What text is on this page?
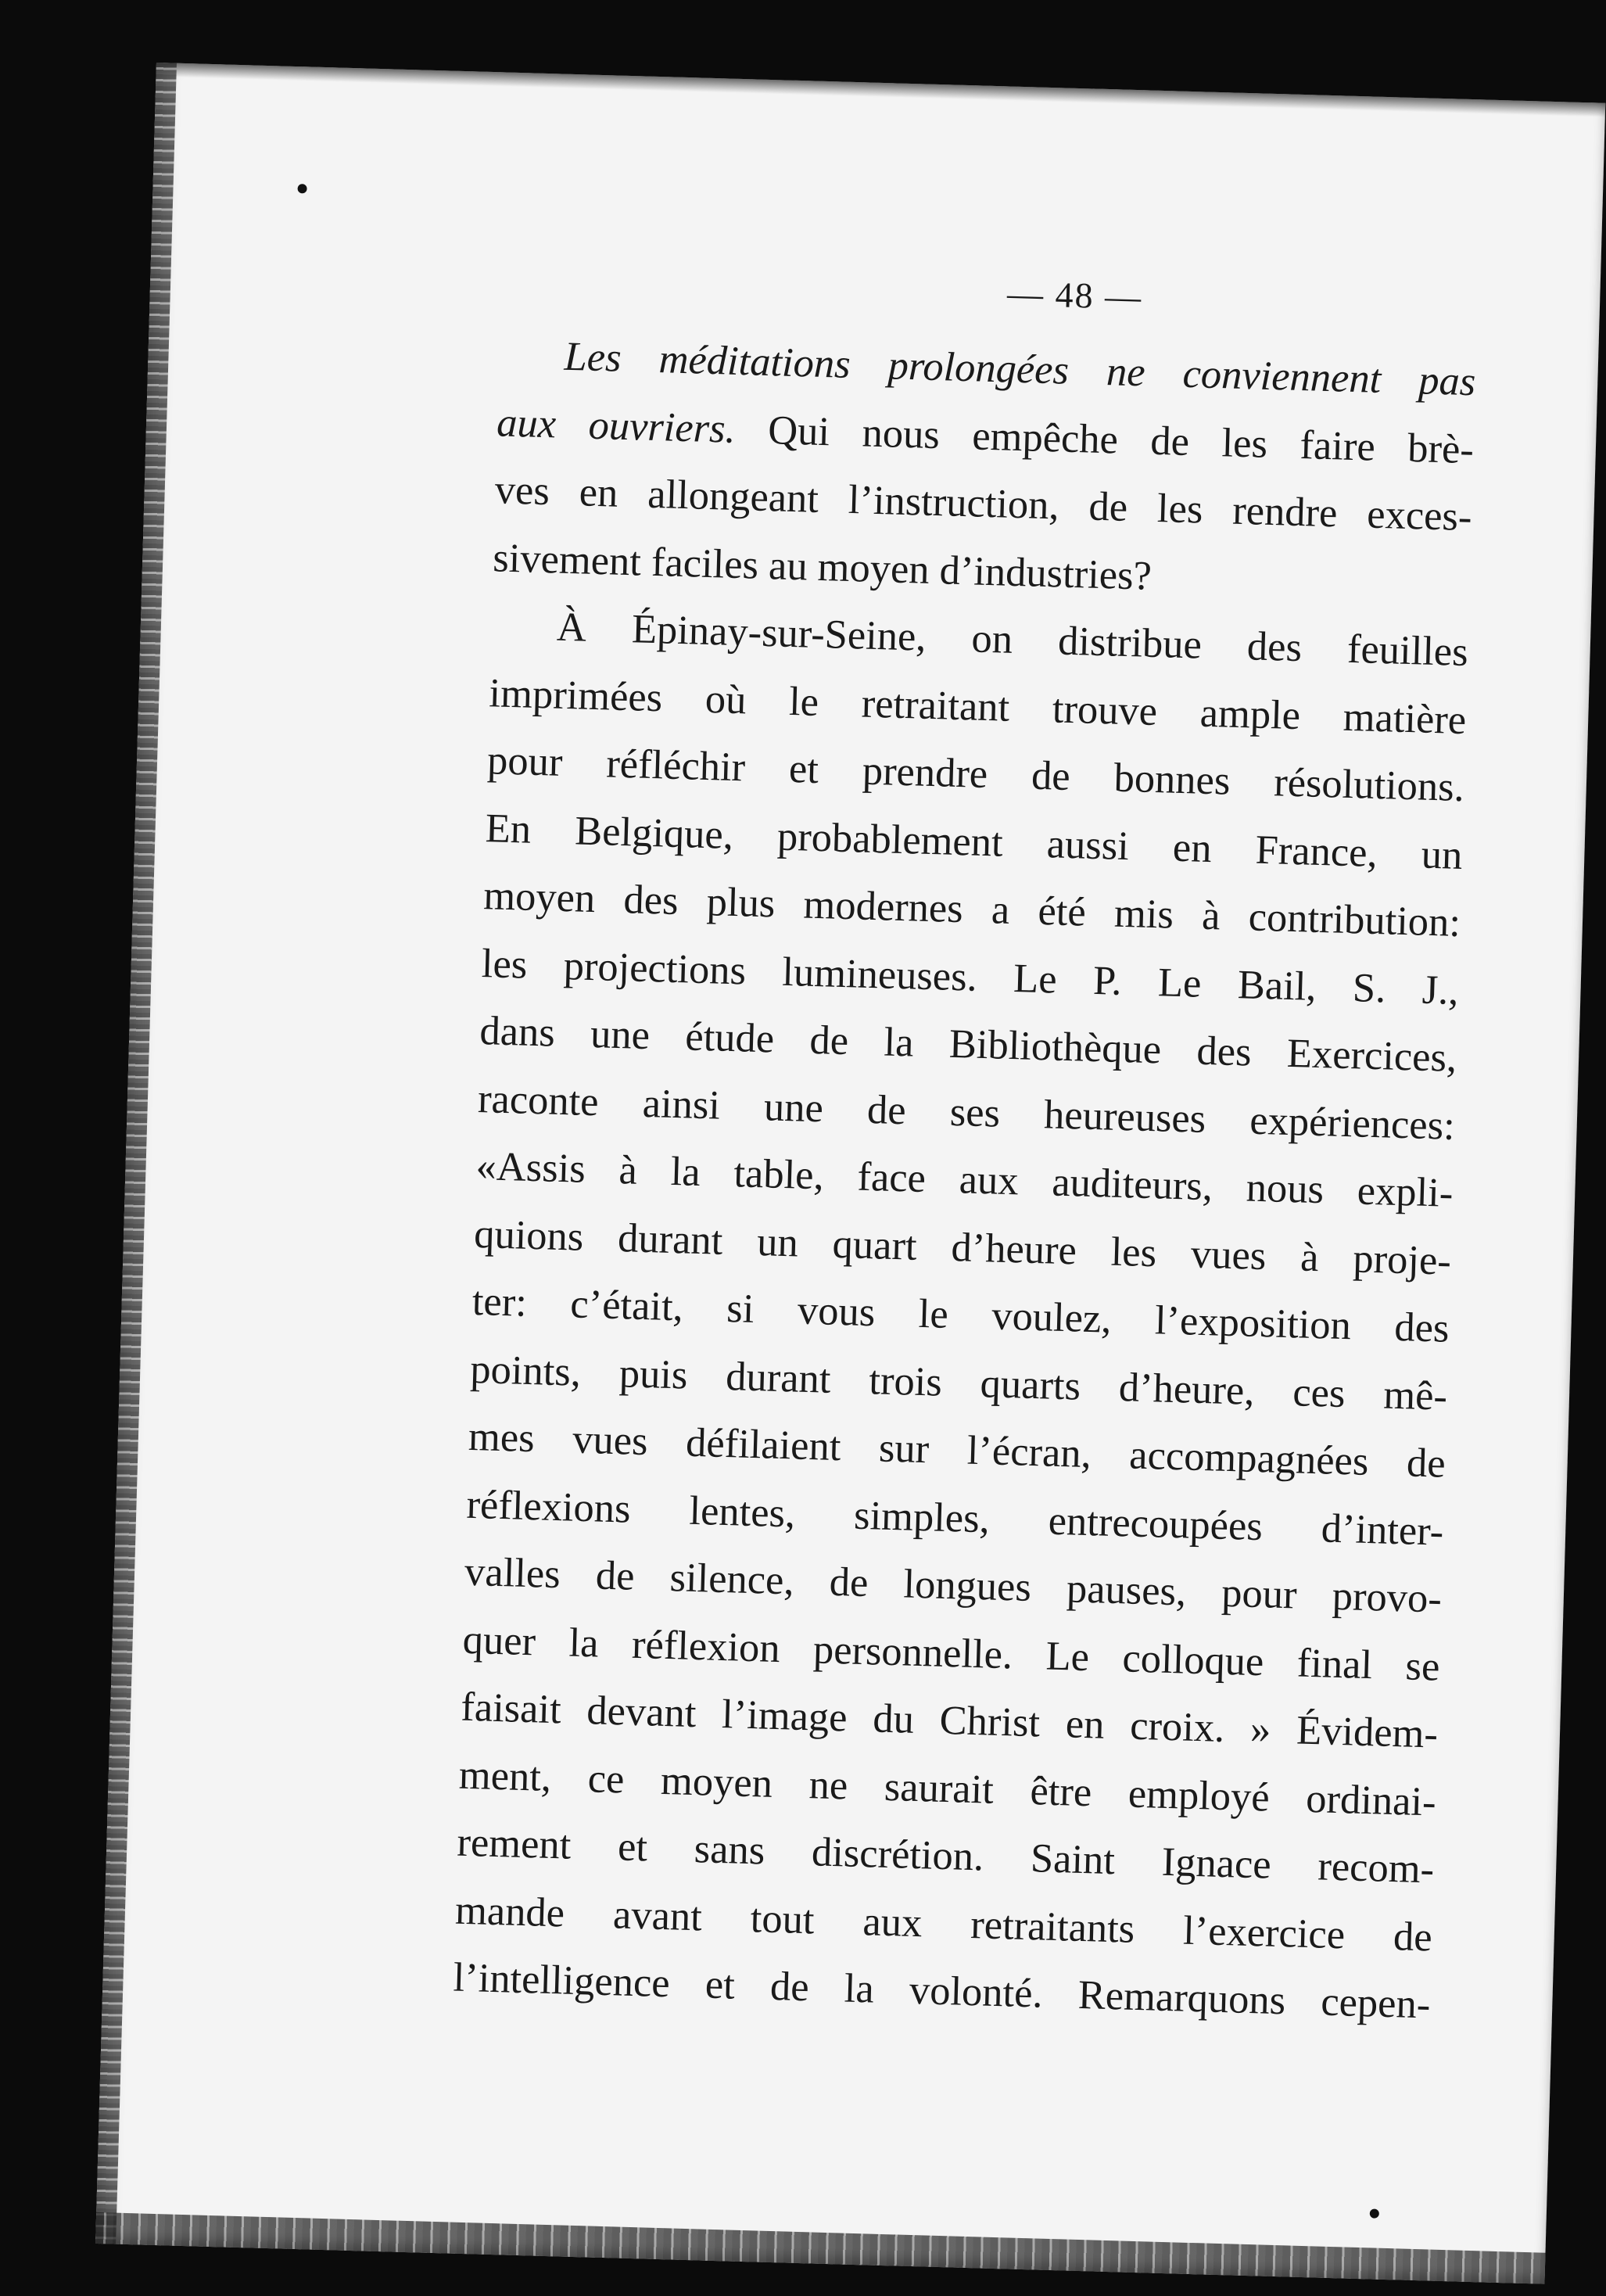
— 48 —
Les méditations prolongées ne conviennent pas
aux ouvriers. Qui nous empêche de les faire brè-
ves en allongeant l’instruction, de les rendre exces-
sivement faciles au moyen d’industries?
À Épinay-sur-Seine, on distribue des feuilles
imprimées où le retraitant trouve ample matière
pour réfléchir et prendre de bonnes résolutions.
En Belgique, probablement aussi en France, un
moyen des plus modernes a été mis à contribution:
les projections lumineuses. Le P. Le Bail, S. J.,
dans une étude de la Bibliothèque des Exercices,
raconte ainsi une de ses heureuses expériences:
«Assis à la table, face aux auditeurs, nous expli-
quions durant un quart d’heure les vues à proje-
ter: c’était, si vous le voulez, l’exposition des
points, puis durant trois quarts d’heure, ces mê-
mes vues défilaient sur l’écran, accompagnées de
réflexions lentes, simples, entrecoupées d’inter-
valles de silence, de longues pauses, pour provo-
quer la réflexion personnelle. Le colloque final se
faisait devant l’image du Christ en croix. » Évidem-
ment, ce moyen ne saurait être employé ordinai-
rement et sans discrétion. Saint Ignace recom-
mande avant tout aux retraitants l’exercice de
l’intelligence et de la volonté. Remarquons cepen-
